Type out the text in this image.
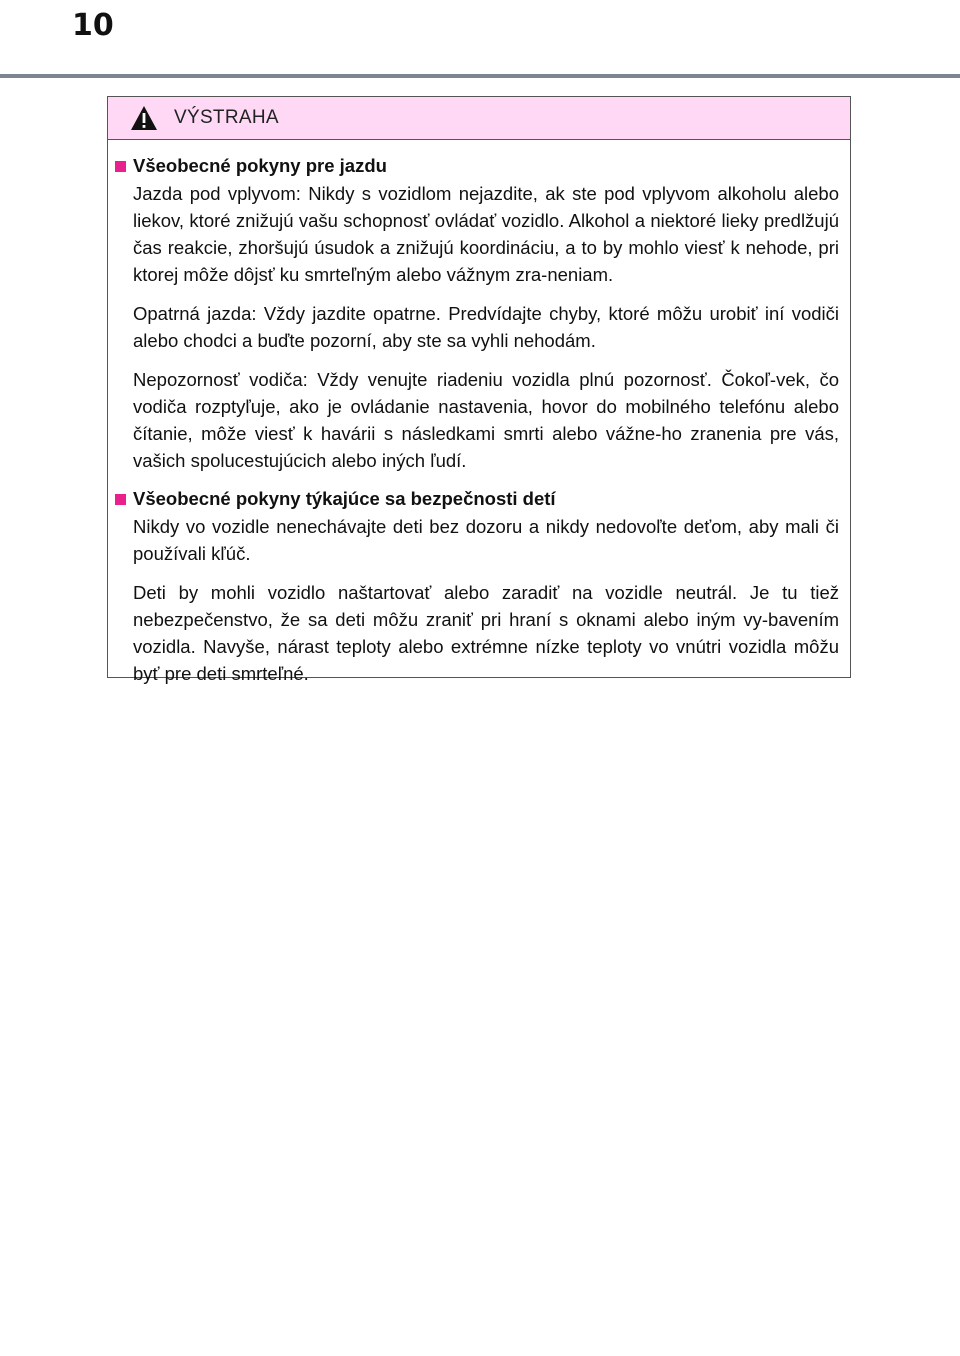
10
VÝSTRAHA
Všeobecné pokyny pre jazdu

Jazda pod vplyvom: Nikdy s vozidlom nejazdite, ak ste pod vplyvom alkoholu alebo liekov, ktoré znižujú vašu schopnosť ovládať vozidlo. Alkohol a niektoré lieky predlžujú čas reakcie, zhoršujú úsudok a znižujú koordináciu, a to by mohlo viesť k nehode, pri ktorej môže dôjsť ku smrteľným alebo vážnym zra-neniam.

Opatrná jazda: Vždy jazdite opatrne. Predvídajte chyby, ktoré môžu urobiť iní vodiči alebo chodci a buďte pozorní, aby ste sa vyhli nehodám.

Nepozornosť vodiča: Vždy venujte riadeniu vozidla plnú pozornosť. Čokoľ-vek, čo vodiča rozptyľuje, ako je ovládanie nastavenia, hovor do mobilného telefónu alebo čítanie, môže viesť k havárii s následkami smrti alebo vážne-ho zranenia pre vás, vašich spolucestujúcich alebo iných ľudí.

Všeobecné pokyny týkajúce sa bezpečnosti detí

Nikdy vo vozidle nenechávajte deti bez dozoru a nikdy nedovoľte deťom, aby mali či používali kľúč.

Deti by mohli vozidlo naštartovať alebo zaradiť na vozidle neutrál. Je tu tiež nebezpečenstvo, že sa deti môžu zraniť pri hraní s oknami alebo iným vy-bavením vozidla. Navyše, nárast teploty alebo extrémne nízke teploty vo vnútri vozidla môžu byť pre deti smrteľné.
